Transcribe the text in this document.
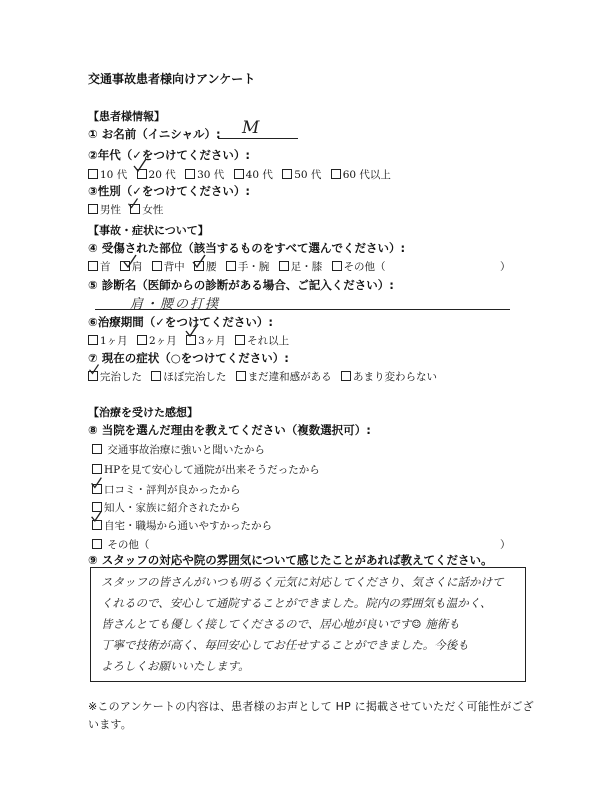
交通事故患者様向けアンケート
【患者様情報】
① お名前（イニシャル）: M
②年代（✓をつけてください）:
10 代 20 代 30 代 40 代 50 代 60 代以上
③性別（✓をつけてください）:
男性 女性
【事故・症状について】
④ 受傷された部位（該当するものをすべて選んでください）:
首 肩 背中 腰 手・腕 足・膝 その他（	）
⑤ 診断名（医師からの診断がある場合、ご記入ください）:
肩・腰の打撲
⑥治療期間（✓をつけてください）:
1ヶ月 2ヶ月 3ヶ月 それ以上
⑦ 現在の症状（○をつけてください）:
完治した ほぼ完治した まだ違和感がある あまり変わらない
【治療を受けた感想】
⑧ 当院を選んだ理由を教えてください（複数選択可）:
交通事故治療に強いと聞いたから
HPを見て安心して通院が出来そうだったから
口コミ・評判が良かったから
知人・家族に紹介されたから
自宅・職場から通いやすかったから
その他（	）
⑨ スタッフの対応や院の雰囲気について感じたことがあれば教えてください。
スタッフの皆さんがいつも明るく元気に対応してくださり、気さくに話かけて
くれるので、安心して通院することができました。院内の雰囲気も温かく、
皆さんとても優しく接してくださるので、居心地が良いです☺ 施術も
丁寧で技術が高く、毎回安心してお任せすることができました。今後も
よろしくお願いいたします。
※このアンケートの内容は、患者様のお声として HP に掲載させていただく可能性がござ
います。
